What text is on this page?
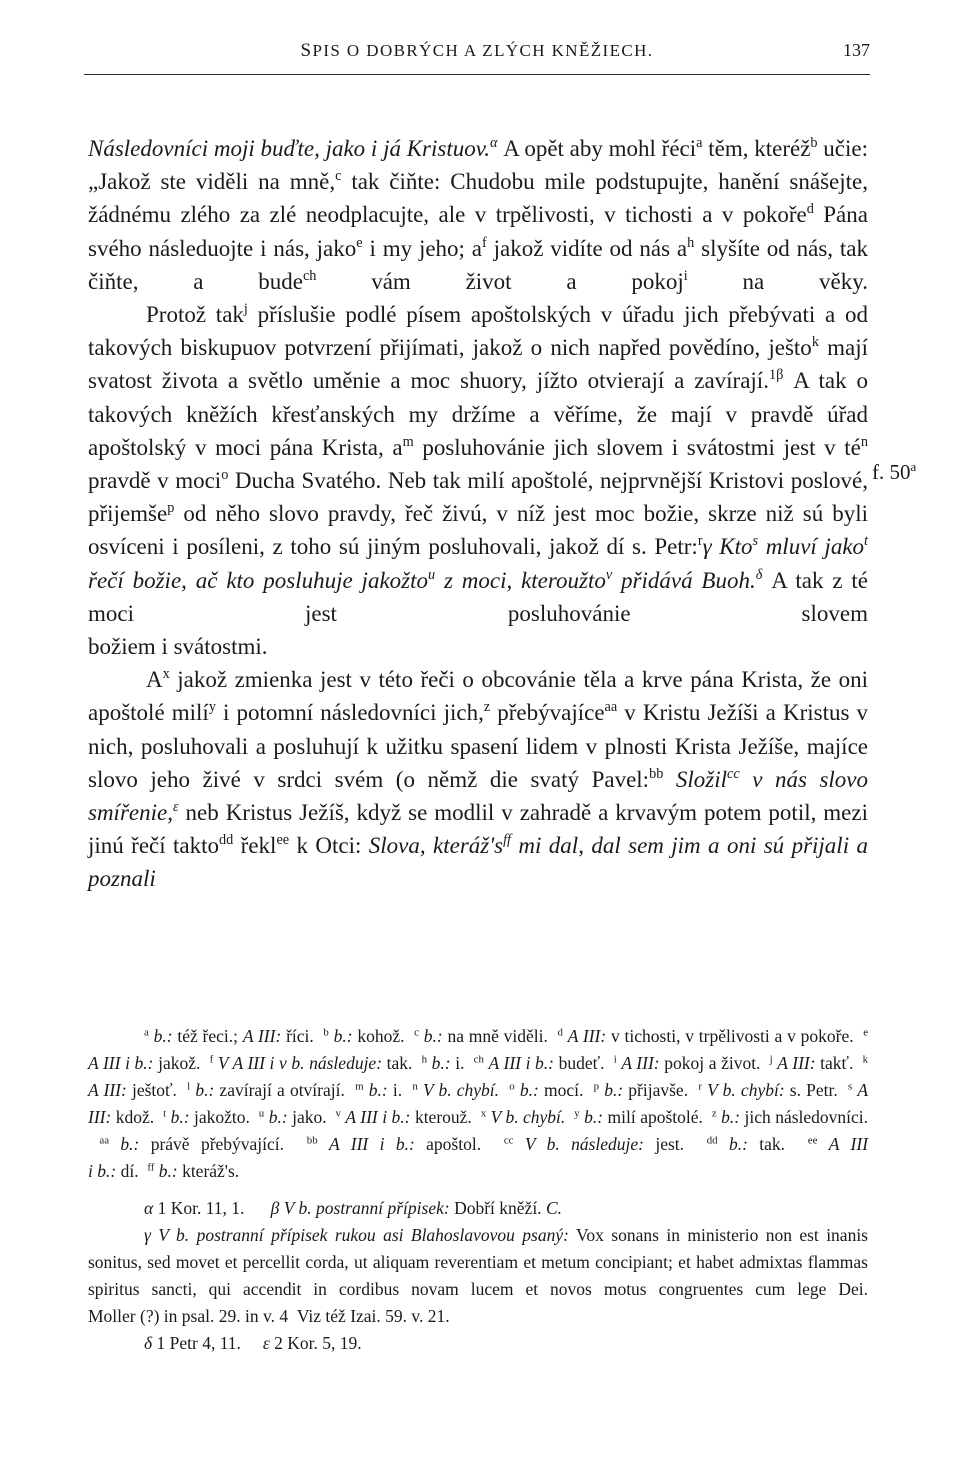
SPIS O DOBRÝCH A ZLÝCH KNĚŽIECH.	137
f. 50$^a$

Následovníci moji buďte, jako i já Kristuov.$^\alpha$ A opět aby mohl řéci$^a$ těm, kteréž$^b$ učie: „Jakož ste viděli na mně,$^c$ tak čiňte: Chudobu mile podstupujte, hanění snášejte, žádnému zlého za zlé neodplacujte, ale v trpělivosti, v tichosti a v pokoře$^d$ Pána svého následuojte i nás, jako$^e$ i my jeho; $a^f$ jakož vidíte od nás $a^h$ slyšíte od nás, tak čiňte, a bude$^{ch}$ vám život a pokoj$^i$ na věky.

Protož tak$^j$ příslušie podlé písem apoštolských v úřadu jich přebývati a od takových biskupuov potvrzení přijímati, jakož o nich napřed povědíno, ješto$^k$ mají svatost života a světlo uměnie a moc shuory, jížto otvierají a zavírají.$^{1\beta}$ A tak o takových kněžích křesťanských my držíme a věříme, že mají v pravdě úřad apoštolský v moci pána Krista, $a^m$ posluhovánie jich slovem i svátostmi jest v $té^n$ pravdě v moci$^o$ Ducha Svatého. Neb tak milí apoštolé, nejprvnější Kristovi poslové, přijemše$^p$ od něho slovo pravdy, řeč živú, v níž jest moc božie, skrze niž sú byli osvíceni i posíleni, z toho sú jiným posluhovali, jakož dí s. Petr:$^r$γ Kto$^s$ mluví jako$^t$ řečí božie, ač kto posluhuje jakožto$^u$ z moci, kteroužto$^v$ přidává Buoh.$^\delta$ A tak z té moci jest posluhovánie slovem

božiem i svátostmi.

$A^x$ jakož zmienka jest v této řeči o obcovánie těla a krve pána Krista, že oni apoštolé milí$^y$ i potomní následovníci jich,$^z$ přebývajíce$^{aa}$ v Kristu Ježíši a Kristus v nich, posluhovali a posluhují k užitku spasení lidem v plnosti Krista Ježíše, majíce slovo jeho živé v srdci svém (o němž die svatý Pavel:$^{bb}$ Složil$^{cc}$ v nás slovo smířenie,$^\varepsilon$ neb Kristus Ježíš, když se modlil v zahradě a krvavým potem potil, mezi jinú řečí takto$^{dd}$ řekl$^{ee}$ k Otci: Slova, $kteráž's^{ff}$ mi dal, dal sem jim a oni sú přijali a poznali

$^a$ b.: též řeci.; A III: říci.  $^b$ b.: kohož.  $^c$ b.: na mně viděli.  $^d$ A III: v tichosti, v trpělivosti a v pokoře.  $^e$ A III i b.: jakož.  $^f$ V A III i v b. následuje: tak.  $^h$ b.: i.  $^{ch}$ A III i b.: budeť.  $^i$ A III: pokoj a život.  $^j$ A III: takť.  $^k$ A III: ještoť.  $^l$ b.: zavírají a otvírají.  $^m$ b.: i.  $^n$ V b. chybí. $^o$ b.: mocí.  $^p$ b.: přijavše.  $^r$ V b. chybí: s. Petr.  $^s$ A III: kdož.  $^t$ b.: jakožto.  $^u$ b.: jako.  $^v$ A III i b.: kterouž.  $^x$ V b. chybí. $^y$ b.: milí apoštolé.  $^z$ b.: jich následovníci.  $^{aa}$ b.: právě přebývající.  $^{bb}$ A III i b.: apoštol.  $^{cc}$ V b. následuje: jest.  $^{dd}$ b.: tak.  $^{ee}$ A III

i b.: dí.  $^{ff}$ b.: kteráž's.

α 1 Kor. 11, 1.      β V b. postranní přípisek: Dobří kněží. C.

γ V b. postranní přípisek rukou asi Blahoslavovou psaný: Vox sonans in ministerio non est inanis sonitus, sed movet et percellit corda, ut aliquam reverentiam et metum concipiant; et habet admixtas flammas spiritus sancti, qui accendit in cordibus novam lucem et novos motus congruentes cum lege Dei.

Moller (?) in psal. 29. in v. 4  Viz též Izai. 59. v. 21.

δ 1 Petr 4, 11.     ε 2 Kor. 5, 19.
